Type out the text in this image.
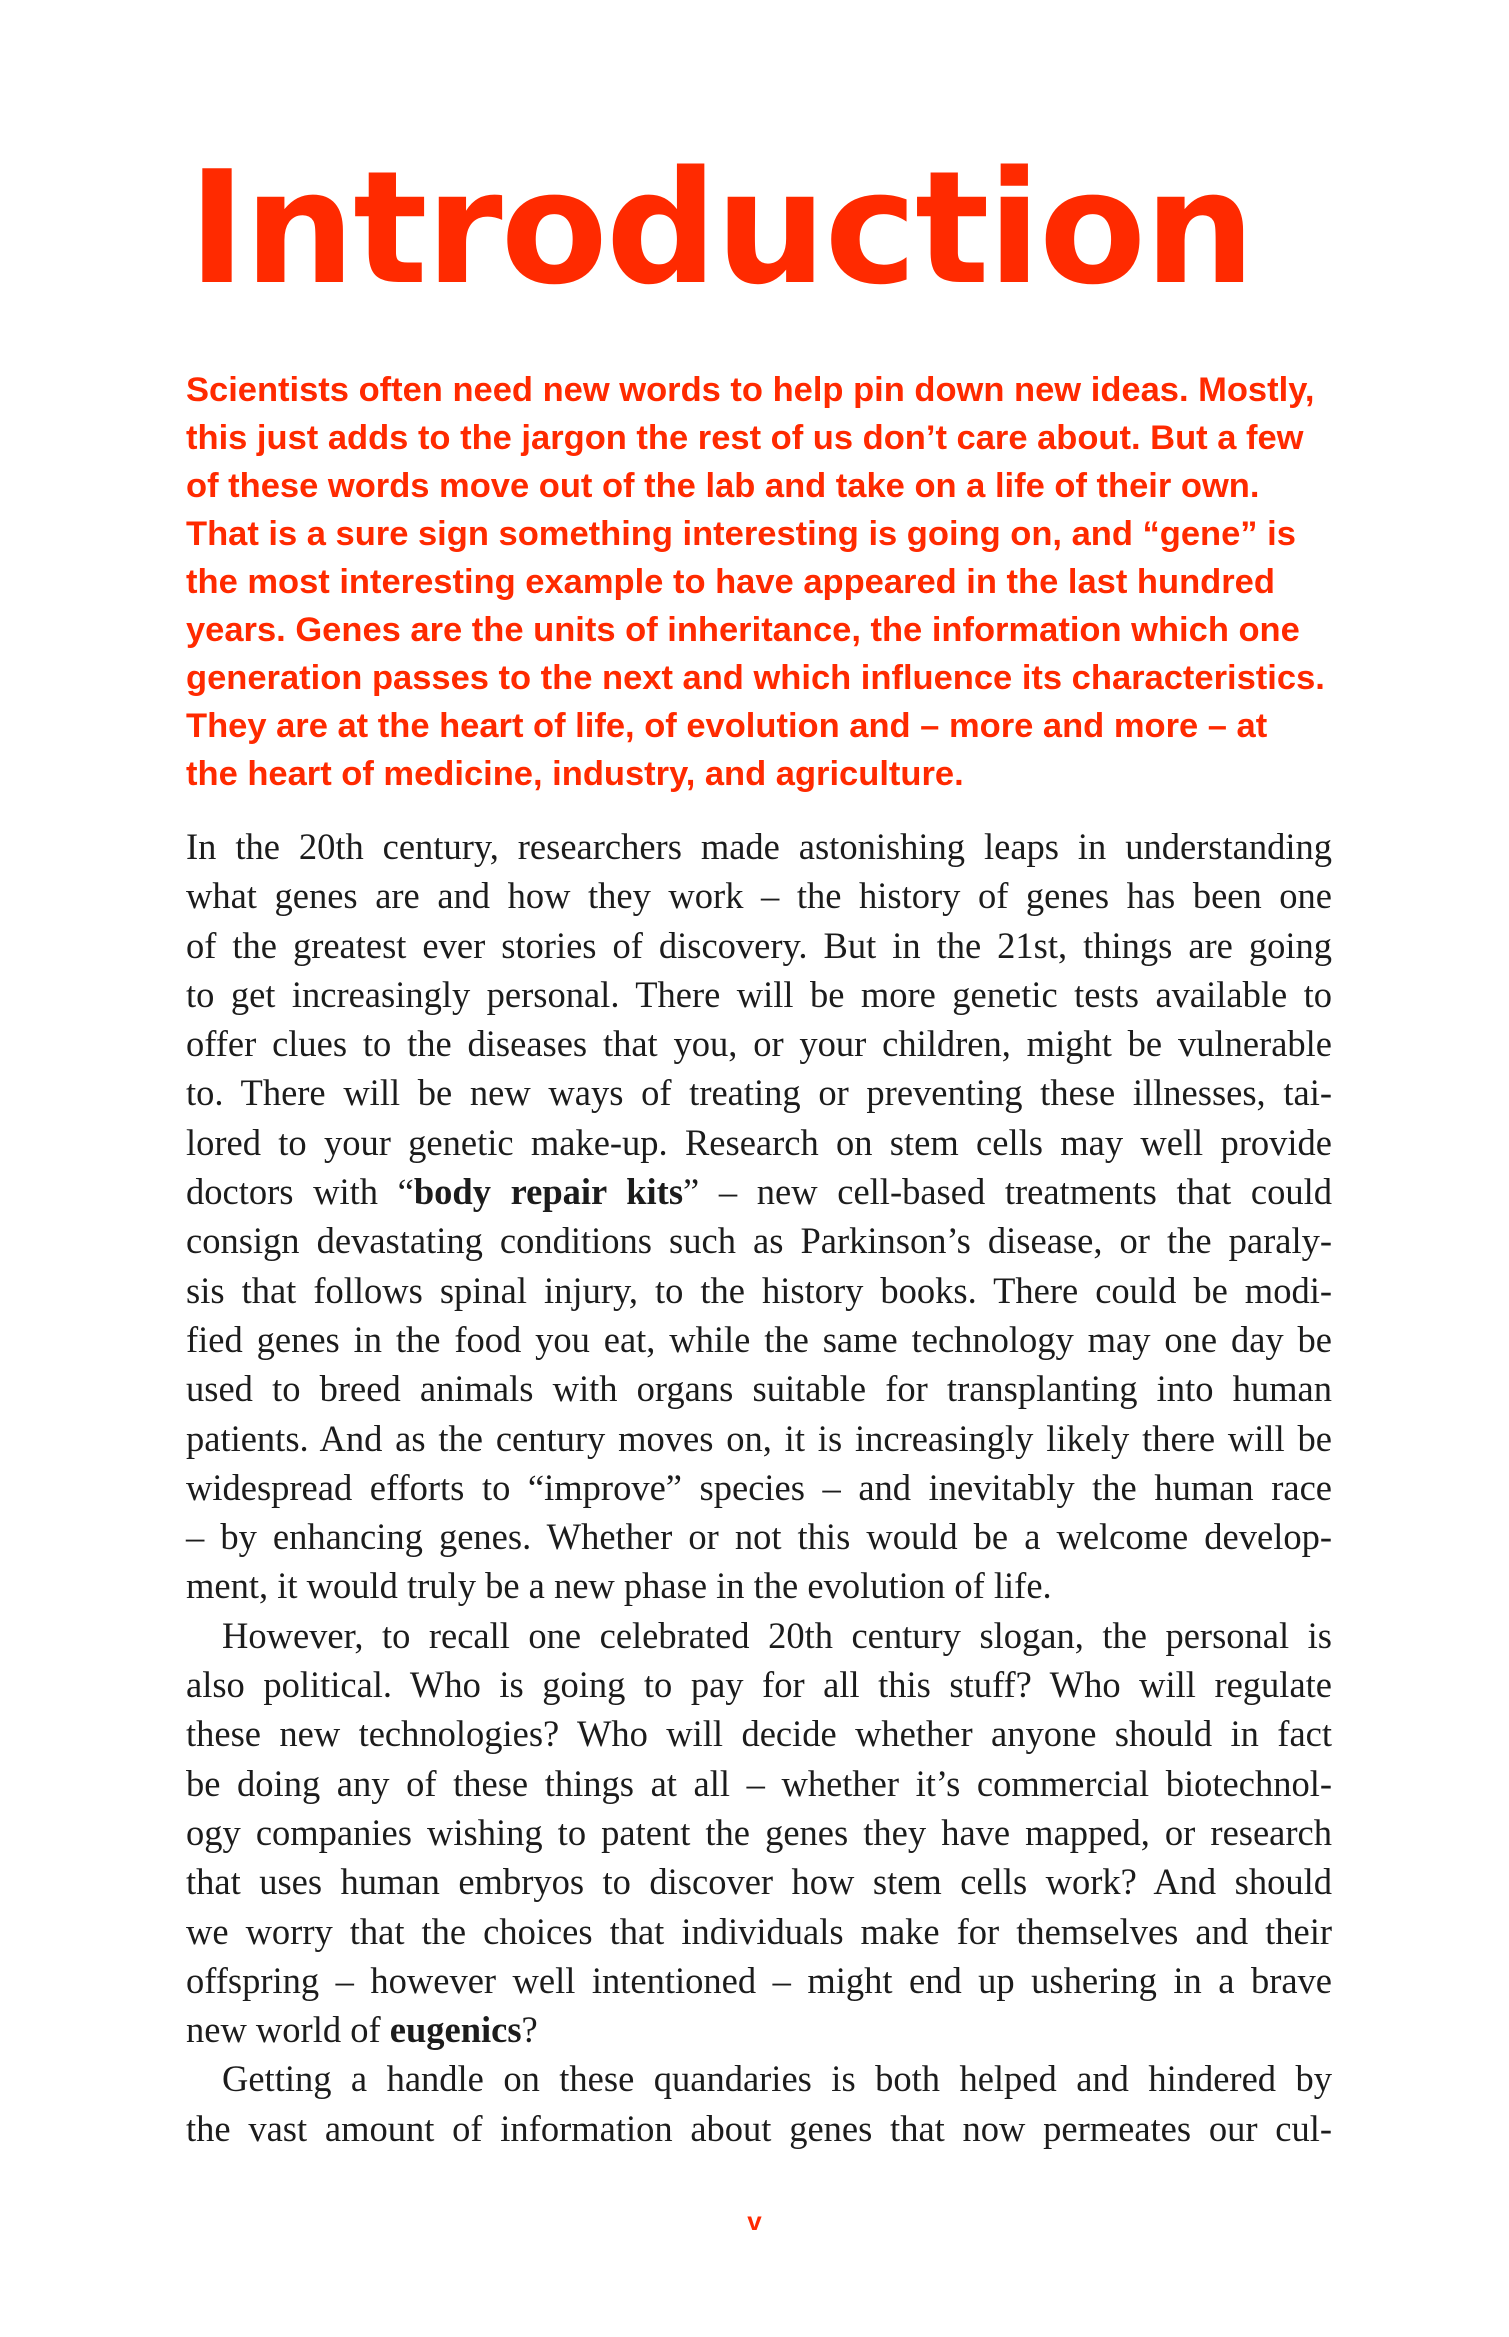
Introduction

Scientists often need new words to help pin down new ideas. Mostly,
this just adds to the jargon the rest of us don’t care about. But a few
of these words move out of the lab and take on a life of their own.
That is a sure sign something interesting is going on, and “gene” is
the most interesting example to have appeared in the last hundred
years. Genes are the units of inheritance, the information which one
generation passes to the next and which influence its characteristics.
They are at the heart of life, of evolution and – more and more – at
the heart of medicine, industry, and agriculture.

In the 20th century, researchers made astonishing leaps in understanding
what genes are and how they work – the history of genes has been one
of the greatest ever stories of discovery. But in the 21st, things are going
to get increasingly personal. There will be more genetic tests available to
offer clues to the diseases that you, or your children, might be vulnerable
to. There will be new ways of treating or preventing these illnesses, tai-
lored to your genetic make-up. Research on stem cells may well provide
doctors with “body repair kits” – new cell-based treatments that could
consign devastating conditions such as Parkinson’s disease, or the paraly-
sis that follows spinal injury, to the history books. There could be modi-
fied genes in the food you eat, while the same technology may one day be
used to breed animals with organs suitable for transplanting into human
patients. And as the century moves on, it is increasingly likely there will be
widespread efforts to “improve” species – and inevitably the human race
– by enhancing genes. Whether or not this would be a welcome develop-
ment, it would truly be a new phase in the evolution of life.
However, to recall one celebrated 20th century slogan, the personal is
also political. Who is going to pay for all this stuff? Who will regulate
these new technologies? Who will decide whether anyone should in fact
be doing any of these things at all – whether it’s commercial biotechnol-
ogy companies wishing to patent the genes they have mapped, or research
that uses human embryos to discover how stem cells work? And should
we worry that the choices that individuals make for themselves and their
offspring – however well intentioned – might end up ushering in a brave
new world of eugenics?
Getting a handle on these quandaries is both helped and hindered by
the vast amount of information about genes that now permeates our cul-
v
